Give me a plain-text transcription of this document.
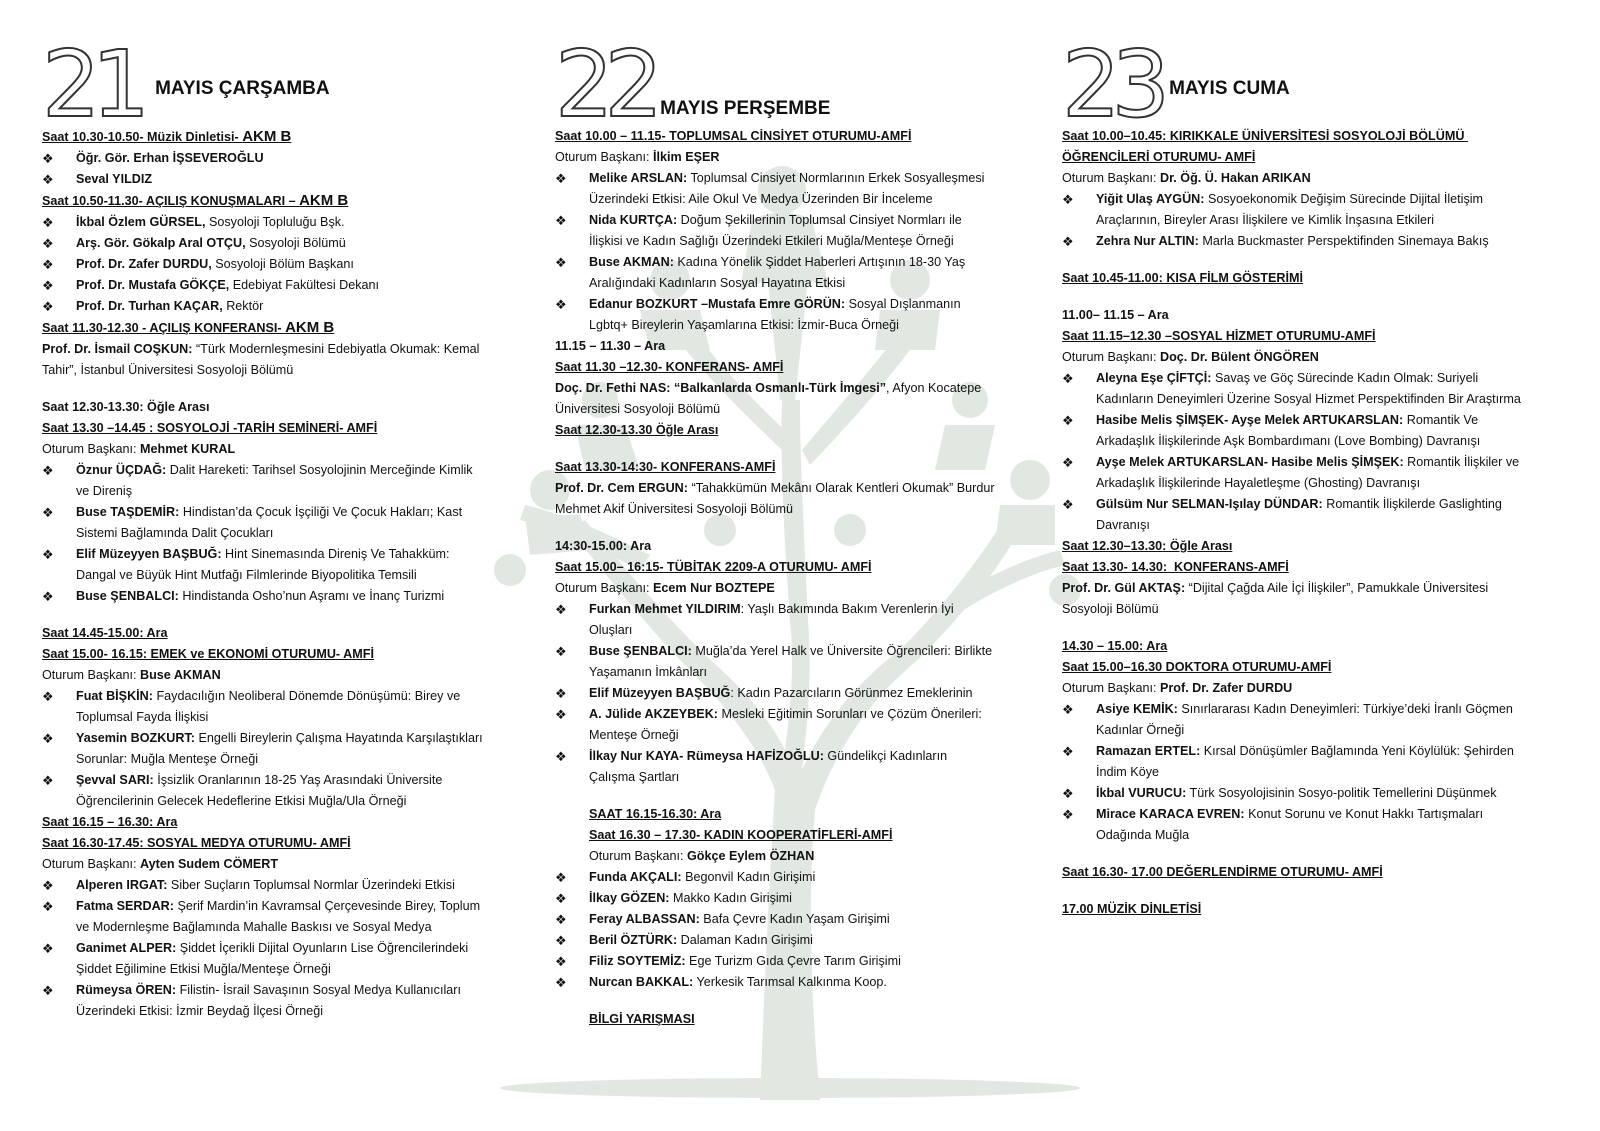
21 MAYIS ÇARŞAMBA
Saat 10.30-10.50- Müzik Dinletisi- AKM B
❖ Öğr. Gör. Erhan İŞSEVEROĞLU
❖ Seval YILDIZ
Saat 10.50-11.30- AÇILIŞ KONUŞMALARI – AKM B
❖ İkbal Özlem GÜRSEL, Sosyoloji Topluluğu Bşk.
❖ Arş. Gör. Gökalp Aral OTÇU, Sosyoloji Bölümü
❖ Prof. Dr. Zafer DURDU, Sosyoloji Bölüm Başkanı
❖ Prof. Dr. Mustafa GÖKÇE, Edebiyat Fakültesi Dekanı
❖ Prof. Dr. Turhan KAÇAR, Rektör
Saat 11.30-12.30 - AÇILIŞ KONFERANSI- AKM B
Prof. Dr. İsmail COŞKUN: “Türk Modernleşmesini Edebiyatla Okumak: Kemal Tahir”, İstanbul Üniversitesi Sosyoloji Bölümü
Saat 12.30-13.30: Öğle Arası
Saat 13.30 –14.45 : SOSYOLOJİ -TARİH SEMİNERİ- AMFİ
Oturum Başkanı: Mehmet KURAL
❖ Öznur ÜÇDAĞ: Dalit Hareketi: Tarihsel Sosyolojinin Merceğinde Kimlik ve Direniş
❖ Buse TAŞDEMİR: Hindistan’da Çocuk İşçiliği Ve Çocuk Hakları; Kast Sistemi Bağlamında Dalit Çocukları
❖ Elif Müzeyyen BAŞBUĞ: Hint Sinemasında Direniş Ve Tahakküm: Dangal ve Büyük Hint Mutfağı Filmlerinde Biyopolitika Temsili
❖ Buse ŞENBALCI: Hindistanda Osho’nun Aşramı ve İnanç Turizmi
Saat 14.45-15.00: Ara
Saat 15.00- 16.15: EMEK ve EKONOMİ OTURUMU- AMFİ
Oturum Başkanı: Buse AKMAN
❖ Fuat BİŞKİN: Faydacılığın Neoliberal Dönemde Dönüşümü: Birey ve Toplumsal Fayda İlişkisi
❖ Yasemin BOZKURT: Engelli Bireylerin Çalışma Hayatında Karşılaştıkları Sorunlar: Muğla Menteşe Örneği
❖ Şevval SARI: İşsizlik Oranlarının 18-25 Yaş Arasındaki Üniversite Öğrencilerinin Gelecek Hedeflerine Etkisi Muğla/Ula Örneği
Saat 16.15 – 16.30: Ara
Saat 16.30-17.45: SOSYAL MEDYA OTURUMU- AMFİ
Oturum Başkanı: Ayten Sudem CÖMERT
❖ Alperen IRGAT: Siber Suçların Toplumsal Normlar Üzerindeki Etkisi
❖ Fatma SERDAR: Şerif Mardin’in Kavramsal Çerçevesinde Birey, Toplum ve Modernleşme Bağlamında Mahalle Baskısı ve Sosyal Medya
❖ Ganimet ALPER: Şiddet İçerikli Dijital Oyunların Lise Öğrencilerindeki Şiddet Eğilimine Etkisi Muğla/Menteşe Örneği
❖ Rümeysa ÖREN: Filistin- İsrail Savaşının Sosyal Medya Kullanıcıları Üzerindeki Etkisi: İzmir Beydağ İlçesi Örneği
22 MAYIS PERŞEMBE
Saat 10.00 – 11.15- TOPLUMSAL CİNSİYET OTURUMU-AMFİ
Oturum Başkanı: İlkim EŞER
❖ Melike ARSLAN: Toplumsal Cinsiyet Normlarının Erkek Sosyalleşmesi Üzerindeki Etkisi: Aile Okul Ve Medya Üzerinden Bir İnceleme
❖ Nida KURTÇA: Doğum Şekillerinin Toplumsal Cinsiyet Normları ile İlişkisi ve Kadın Sağlığı Üzerindeki Etkileri Muğla/Menteşe Örneği
❖ Buse AKMAN: Kadına Yönelik Şiddet Haberleri Artışının 18-30 Yaş Aralığındaki Kadınların Sosyal Hayatına Etkisi
❖ Edanur BOZKURT –Mustafa Emre GÖRÜN: Sosyal Dışlanmanın Lgbtq+ Bireylerin Yaşamlarına Etkisi: İzmir-Buca Örneği
11.15 – 11.30 – Ara
Saat 11.30 –12.30- KONFERANS- AMFİ
Doç. Dr. Fethi NAS: “Balkanlarda Osmanlı-Türk İmgesi”, Afyon Kocatepe Üniversitesi Sosyoloji Bölümü
Saat 12.30-13.30 Öğle Arası
Saat 13.30-14:30- KONFERANS-AMFİ
Prof. Dr. Cem ERGUN: “Tahakkümün Mekânı Olarak Kentleri Okumak” Burdur Mehmet Akif Üniversitesi Sosyoloji Bölümü
14:30-15.00: Ara
Saat 15.00– 16:15- TÜBİTAK 2209-A OTURUMU- AMFİ
Oturum Başkanı: Ecem Nur BOZTEPE
❖ Furkan Mehmet YILDIRIM: Yaşlı Bakımında Bakım Verenlerin İyi Oluşları
❖ Buse ŞENBALCI: Muğla’da Yerel Halk ve Üniversite Öğrencileri: Birlikte Yaşamanın İmkânları
❖ Elif Müzeyyen BAŞBUĞ: Kadın Pazarcıların Görünmez Emeklerinin
❖ A. Jülide AKZEYBEK: Mesleki Eğitimin Sorunları ve Çözüm Önerileri: Menteşe Örneği
❖ İlkay Nur KAYA- Rümeysa HAFİZOĞLU: Gündelikçi Kadınların Çalışma Şartları
SAAT 16.15-16.30: Ara
Saat 16.30 – 17.30- KADIN KOOPERATİFLERİ-AMFİ
Oturum Başkanı: Gökçe Eylem ÖZHAN
❖ Funda AKÇALI: Begonvil Kadın Girişimi
❖ İlkay GÖZEN: Makko Kadın Girişimi
❖ Feray ALBASSAN: Bafa Çevre Kadın Yaşam Girişimi
❖ Beril ÖZTÜRK: Dalaman Kadın Girişimi
❖ Filiz SOYTEMİZ: Ege Turizm Gıda Çevre Tarım Girişimi
❖ Nurcan BAKKAL: Yerkesik Tarımsal Kalkınma Koop.
BİLGİ YARIŞMASI
23 MAYIS CUMA
Saat 10.00–10.45: KIRIKKALE ÜNİVERSİTESİ SOSYOLOJİ BÖLÜMÜ ÖĞRENCİLERİ OTURUMU- AMFİ
Oturum Başkanı: Dr. Öğ. Ü. Hakan ARIKAN
❖ Yiğit Ulaş AYGÜN: Sosyoekonomik Değişim Sürecinde Dijital İletişim Araçlarının, Bireyler Arası İlişkilere ve Kimlik İnşasına Etkileri
❖ Zehra Nur ALTIN: Marla Buckmaster Perspektifinden Sinemaya Bakış
Saat 10.45-11.00: KISA FİLM GÖSTERİMİ
11.00– 11.15 – Ara
Saat 11.15–12.30 –SOSYAL HİZMET OTURUMU-AMFİ
Oturum Başkanı: Doç. Dr. Bülent ÖNGÖREN
❖ Aleyna Eşe ÇİFTÇİ: Savaş ve Göç Sürecinde Kadın Olmak: Suriyeli Kadınların Deneyimleri Üzerine Sosyal Hizmet Perspektifinden Bir Araştırma
❖ Hasibe Melis ŞİMŞEK- Ayşe Melek ARTUKARSLAN: Romantik Ve Arkadaşlık İlişkilerinde Aşk Bombardımanı (Love Bombing) Davranışı
❖ Ayşe Melek ARTUKARSLAN- Hasibe Melis ŞİMŞEK: Romantik İlişkiler ve Arkadaşlık İlişkilerinde Hayaletleşme (Ghosting) Davranışı
❖ Gülsüm Nur SELMAN-Işılay DÜNDAR: Romantik İlişkilerde Gaslighting Davranışı
Saat 12.30–13.30: Öğle Arası
Saat 13.30- 14.30:  KONFERANS-AMFİ
Prof. Dr. Gül AKTAŞ: “Dijital Çağda Aile İçi İlişkiler”, Pamukkale Üniversitesi Sosyoloji Bölümü
14.30 – 15.00: Ara
Saat 15.00–16.30 DOKTORA OTURUMU-AMFİ
Oturum Başkanı: Prof. Dr. Zafer DURDU
❖ Asiye KEMİK: Sınırlararası Kadın Deneyimleri: Türkiye’deki İranlı Göçmen Kadınlar Örneği
❖ Ramazan ERTEL: Kırsal Dönüşümler Bağlamında Yeni Köylülük: Şehirden İndim Köye
❖ İkbal VURUCU: Türk Sosyolojisinin Sosyo-politik Temellerini Düşünmek
❖ Mirace KARACA EVREN: Konut Sorunu ve Konut Hakkı Tartışmaları Odağında Muğla
Saat 16.30- 17.00 DEĞERLENDİRME OTURUMU- AMFİ
17.00 MÜZİK DİNLETİSİ
